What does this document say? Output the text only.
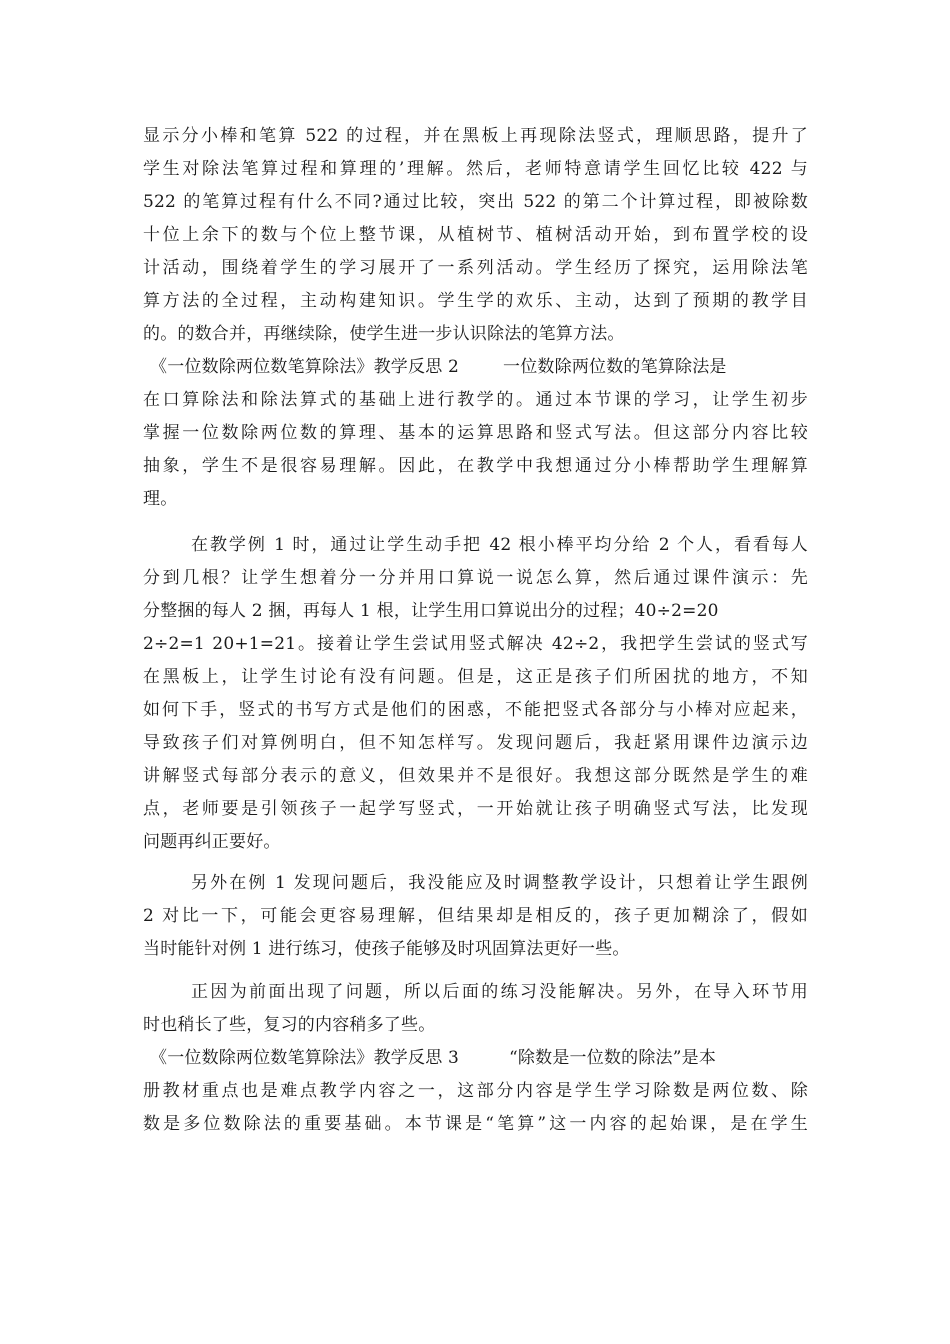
显示分小棒和笔算 522 的过程，并在黑板上再现除法竖式，理顺思路，提升了
学生对除法笔算过程和算理的’理解。然后，老师特意请学生回忆比较 422 与
522 的笔算过程有什么不同?通过比较，突出 522 的第二个计算过程，即被除数
十位上余下的数与个位上整节课，从植树节、植树活动开始，到布置学校的设
计活动，围绕着学生的学习展开了一系列活动。学生经历了探究，运用除法笔
算方法的全过程，主动构建知识。学生学的欢乐、主动，达到了预期的教学目
的。的数合并，再继续除，使学生进一步认识除法的笔算方法。
《一位数除两位数笔算除法》教学反思 2	一位数除两位数的笔算除法是
在口算除法和除法算式的基础上进行教学的。通过本节课的学习，让学生初步
掌握一位数除两位数的算理、基本的运算思路和竖式写法。但这部分内容比较
抽象，学生不是很容易理解。因此，在教学中我想通过分小棒帮助学生理解算
理。
在教学例 1 时，通过让学生动手把 42 根小棒平均分给 2 个人，看看每人
分到几根？让学生想着分一分并用口算说一说怎么算，然后通过课件演示：先
分整捆的每人 2 捆，再每人 1 根，让学生用口算说出分的过程；40÷2=20
2÷2=1 20+1=21。接着让学生尝试用竖式解决 42÷2，我把学生尝试的竖式写
在黑板上，让学生讨论有没有问题。但是，这正是孩子们所困扰的地方，不知
如何下手，竖式的书写方式是他们的困惑，不能把竖式各部分与小棒对应起来，
导致孩子们对算例明白，但不知怎样写。发现问题后，我赶紧用课件边演示边
讲解竖式每部分表示的意义，但效果并不是很好。我想这部分既然是学生的难
点，老师要是引领孩子一起学写竖式，一开始就让孩子明确竖式写法，比发现
问题再纠正要好。
另外在例 1 发现问题后，我没能应及时调整教学设计，只想着让学生跟例
2 对比一下，可能会更容易理解，但结果却是相反的，孩子更加糊涂了，假如
当时能针对例 1 进行练习，使孩子能够及时巩固算法更好一些。
正因为前面出现了问题，所以后面的练习没能解决。另外，在导入环节用
时也稍长了些，复习的内容稍多了些。
《一位数除两位数笔算除法》教学反思 3	“除数是一位数的除法”是本
册教材重点也是难点教学内容之一，这部分内容是学生学习除数是两位数、除
数是多位数除法的重要基础。本节课是“笔算”这一内容的起始课，是在学生
